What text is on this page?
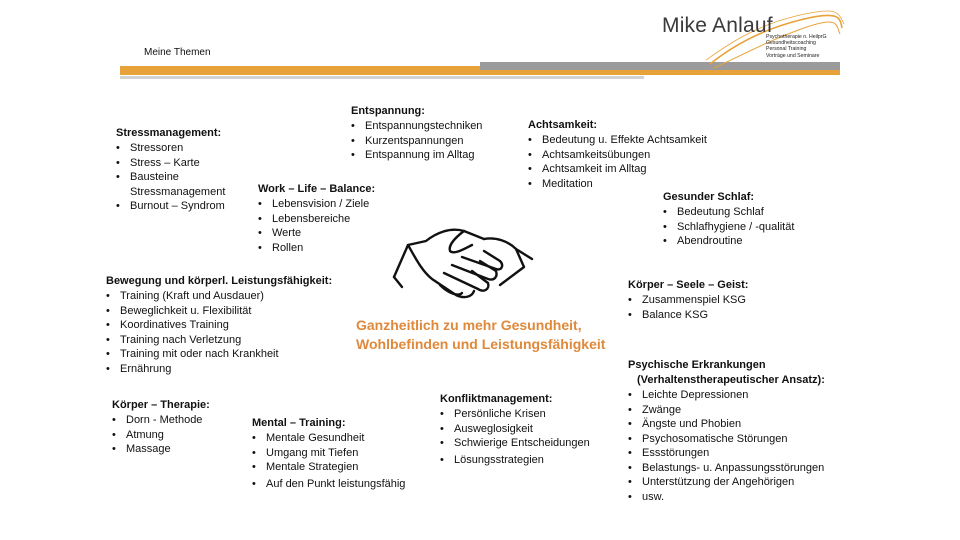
Meine Themen
Mike Anlauf
Psychotherapie n. HeilprG
Gesundheitscoaching
Personal Training
Vorträge und Seminare
Ganzheitlich zu mehr Gesundheit,
Wohlbefinden und Leistungsfähigkeit
Stressmanagement:
• Stressoren
• Stress – Karte
• Bausteine Stressmanagement
• Burnout – Syndrom
Entspannung:
• Entspannungstechniken
• Kurzentspannungen
• Entspannung im Alltag
Achtsamkeit:
• Bedeutung u. Effekte Achtsamkeit
• Achtsamkeitsübungen
• Achtsamkeit im Alltag
• Meditation
Work – Life – Balance:
• Lebensvision / Ziele
• Lebensbereiche
• Werte
• Rollen
Gesunder Schlaf:
• Bedeutung Schlaf
• Schlafhygiene / -qualität
• Abendroutine
Bewegung und körperl. Leistungsfähigkeit:
• Training (Kraft und Ausdauer)
• Beweglichkeit u. Flexibilität
• Koordinatives Training
• Training nach Verletzung
• Training mit oder nach Krankheit
• Ernährung
Körper – Seele – Geist:
• Zusammenspiel KSG
• Balance KSG
Psychische Erkrankungen
(Verhaltenstherapeutischer Ansatz):
• Leichte Depressionen
• Zwänge
• Ängste und Phobien
• Psychosomatische Störungen
• Essstörungen
• Belastungs- u. Anpassungsstörungen
• Unterstützung der Angehörigen
• usw.
Konfliktmanagement:
• Persönliche Krisen
• Ausweglosigkeit
• Schwierige Entscheidungen
• Lösungsstrategien
Körper – Therapie:
• Dorn - Methode
• Atmung
• Massage
Mental – Training:
• Mentale Gesundheit
• Umgang mit Tiefen
• Mentale Strategien
• Auf den Punkt leistungsfähig
